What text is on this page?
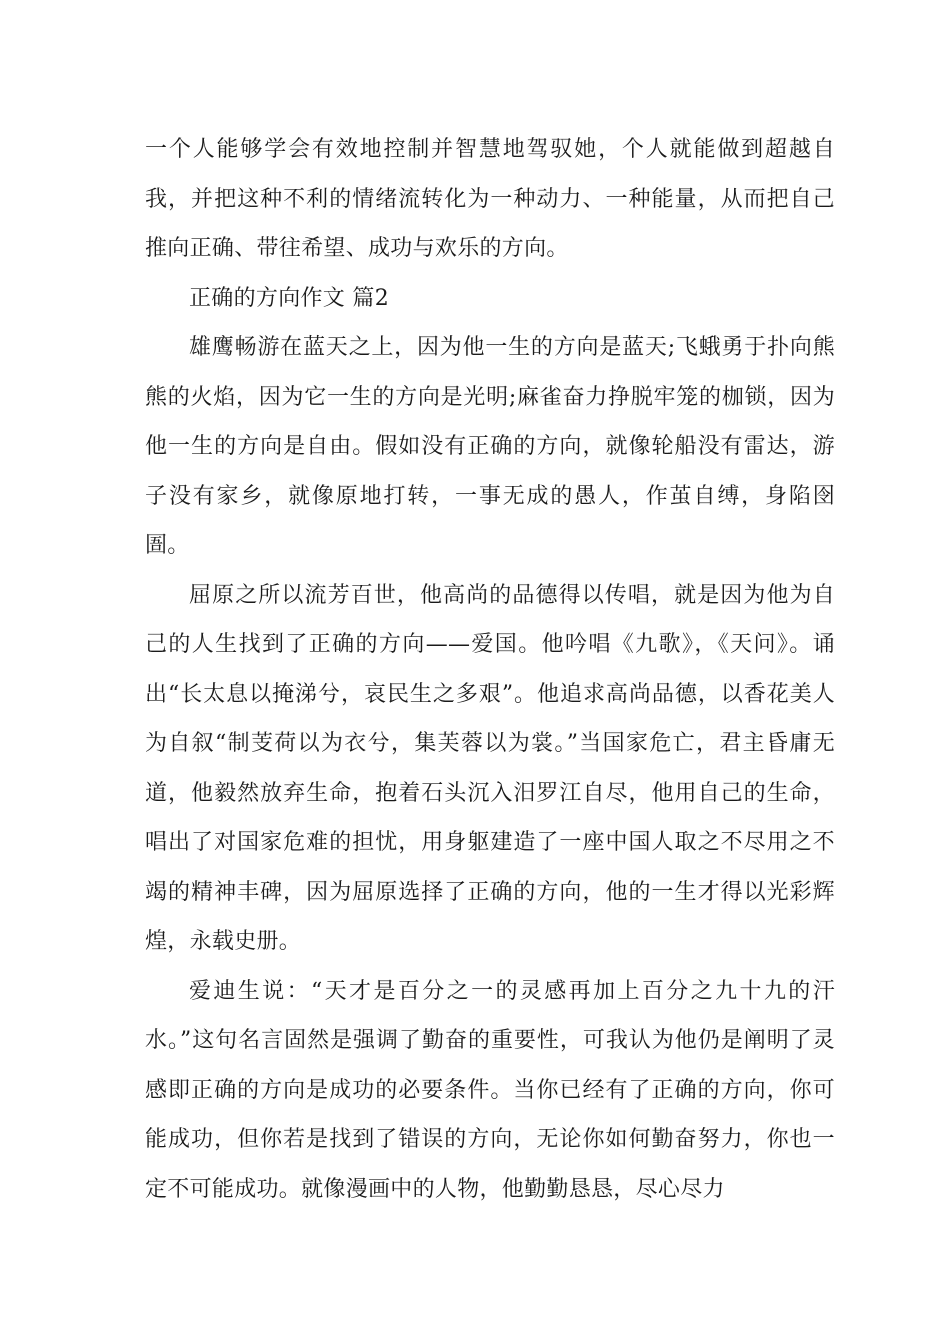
一个人能够学会有效地控制并智慧地驾驭她，个人就能做到超越自我，并把这种不利的情绪流转化为一种动力、一种能量，从而把自己推向正确、带往希望、成功与欢乐的方向。

正确的方向作文 篇2

雄鹰畅游在蓝天之上，因为他一生的方向是蓝天;飞蛾勇于扑向熊熊的火焰，因为它一生的方向是光明;麻雀奋力挣脱牢笼的枷锁，因为他一生的方向是自由。假如没有正确的方向，就像轮船没有雷达，游子没有家乡，就像原地打转，一事无成的愚人，作茧自缚，身陷囹圄。

屈原之所以流芳百世，他高尚的品德得以传唱，就是因为他为自己的人生找到了正确的方向——爱国。他吟唱《九歌》，《天问》。诵出“长太息以掩涕兮，哀民生之多艰”。他追求高尚品德，以香花美人为自叙“制芰荷以为衣兮，集芙蓉以为裳。”当国家危亡，君主昏庸无道，他毅然放弃生命，抱着石头沉入汨罗江自尽，他用自己的生命，唱出了对国家危难的担忧，用身躯建造了一座中国人取之不尽用之不竭的精神丰碑，因为屈原选择了正确的方向，他的一生才得以光彩辉煌，永载史册。

爱迪生说：“天才是百分之一的灵感再加上百分之九十九的汗水。”这句名言固然是强调了勤奋的重要性，可我认为他仍是阐明了灵感即正确的方向是成功的必要条件。当你已经有了正确的方向，你可能成功，但你若是找到了错误的方向，无论你如何勤奋努力，你也一定不可能成功。就像漫画中的人物，他勤勤恳恳，尽心尽力
